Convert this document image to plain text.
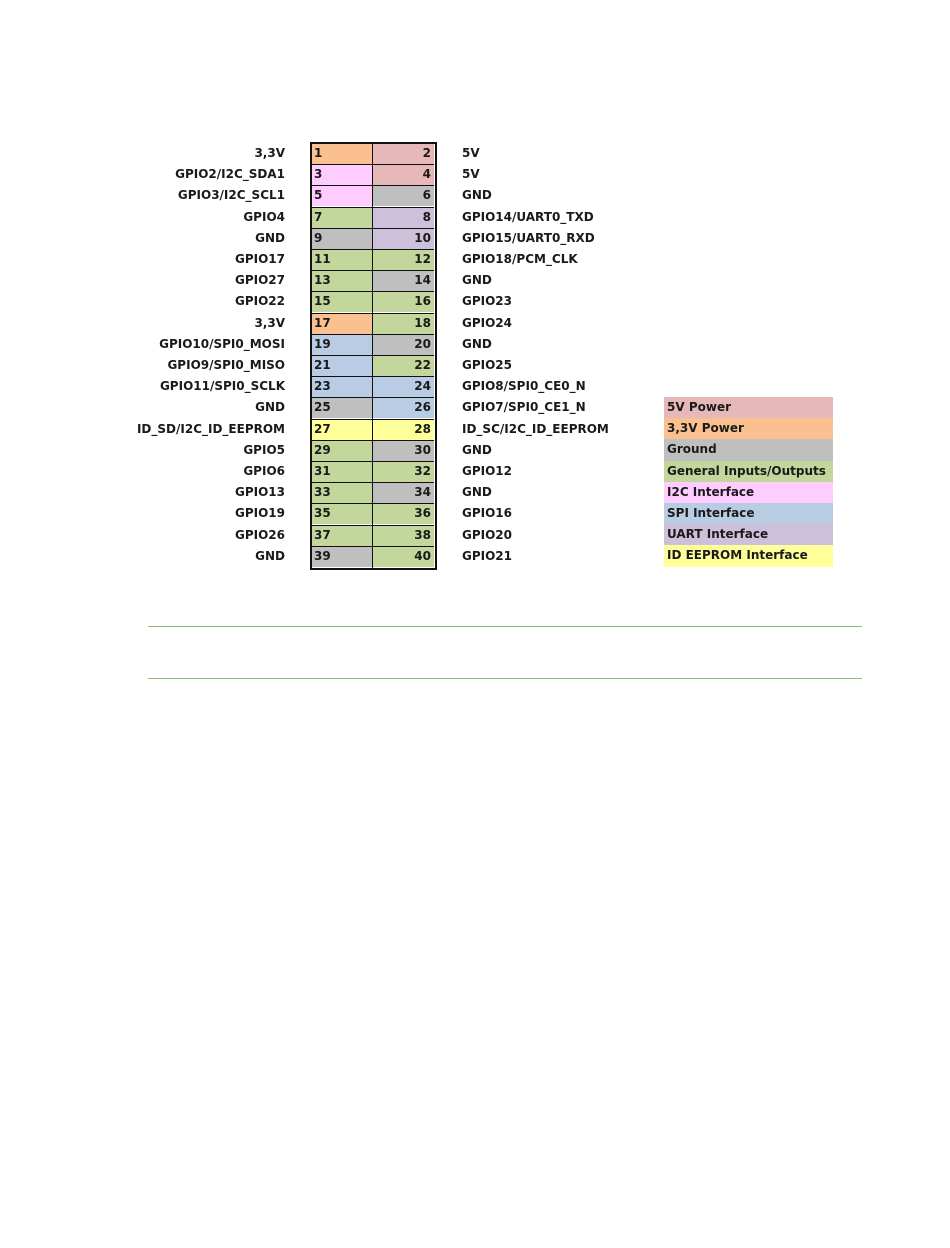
3,3V 1	2	5V
GPIO2/I2C_SDA1 3	4	5V
GPIO3/I2C_SCL1 5	6	GND
GPIO4 7	8	GPIO14/UART0_TXD
GND 9	10	GPIO15/UART0_RXD
GPIO17 11	12	GPIO18/PCM_CLK
GPIO27 13	14	GND
GPIO22 15	16	GPIO23
3,3V 17	18	GPIO24
GPIO10/SPI0_MOSI 19	20	GND
GPIO9/SPI0_MISO 21	22	GPIO25
GPIO11/SPI0_SCLK 23	24	GPIO8/SPI0_CE0_N
GND 25	26	GPIO7/SPI0_CE1_N
ID_SD/I2C_ID_EEPROM 27	28	ID_SC/I2C_ID_EEPROM
GPIO5 29	30	GND
GPIO6 31	32	GPIO12
GPIO13 33	34	GND
GPIO19 35	36	GPIO16
GPIO26 37	38	GPIO20
GND 39	40	GPIO21
5V Power
3,3V Power
Ground
General Inputs/Outputs
I2C Interface
SPI Interface
UART Interface
ID EEPROM Interface
